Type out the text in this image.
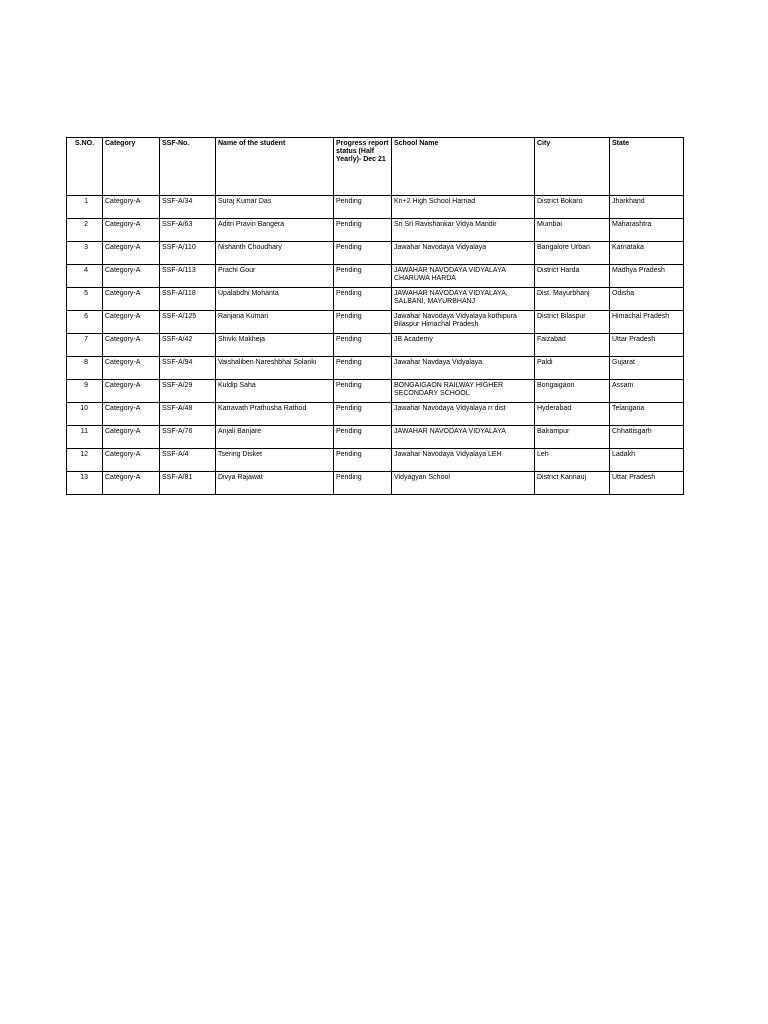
S.NO.	Category	SSF-No.	Name of the student	Progress report status (Half Yearly)- Dec 21	School Name	City	State
1	Category-A	SSF-A/34	Suraj Kumar Das	Pending	Kn+2 High School Harnad	District Bokaro	Jharkhand
2	Category-A	SSF-A/63	Aditri Pravin Bangera	Pending	Sri Sri Ravishankar Vidya Mandir	Mumbai	Maharashtra
3	Category-A	SSF-A/110	Nishanth Choudhary	Pending	Jawahar Navodaya Vidyalaya	Bangalore Urban	Karnataka
4	Category-A	SSF-A/113	Prachi Gour	Pending	JAWAHAR NAVODAYA VIDYALAYA CHARUWA HARDA	District Harda	Madhya Pradesh
5	Category-A	SSF-A/118	Upalabdhi Mohanta	Pending	JAWAHAR NAVODAYA VIDYALAYA, SALBANI, MAYURBHANJ	Dist. Mayurbhanj	Odisha
6	Category-A	SSF-A/125	Ranjana Kumari	Pending	Jawahar Navodaya Vidyalaya kothipura Bilaspur Himachal Pradesh	District Bilaspur	Himachal Pradesh
7	Category-A	SSF-A/42	Shivki Makheja	Pending	JB Academy	Faizabad	Uttar Pradesh
8	Category-A	SSF-A/94	Vaishaliben Nareshbhai Solanki	Pending	Jawahar Navdaya Vidyalaya	Paldi	Gujarat
9	Category-A	SSF-A/29	Kuldip Saha	Pending	BONGAIGAON RAILWAY HIGHER SECONDARY SCHOOL	Bongaigaon	Assam
10	Category-A	SSF-A/48	Katravath Prathusha Rathod	Pending	Jawahar Navodaya Vidyalaya rr dist	Hyderabad	Telangana
11	Category-A	SSF-A/76	Anjali Banjare	Pending	JAWAHAR NAVODAYA VIDYALAYA	Balrampur	Chhattisgarh
12	Category-A	SSF-A/4	Tsering Disket	Pending	Jawahar Navodaya Vidyalaya LEH	Leh	Ladakh
13	Category-A	SSF-A/81	Divya Rajawat	Pending	Vidyagyan School	District Kannauj	Uttar Pradesh
